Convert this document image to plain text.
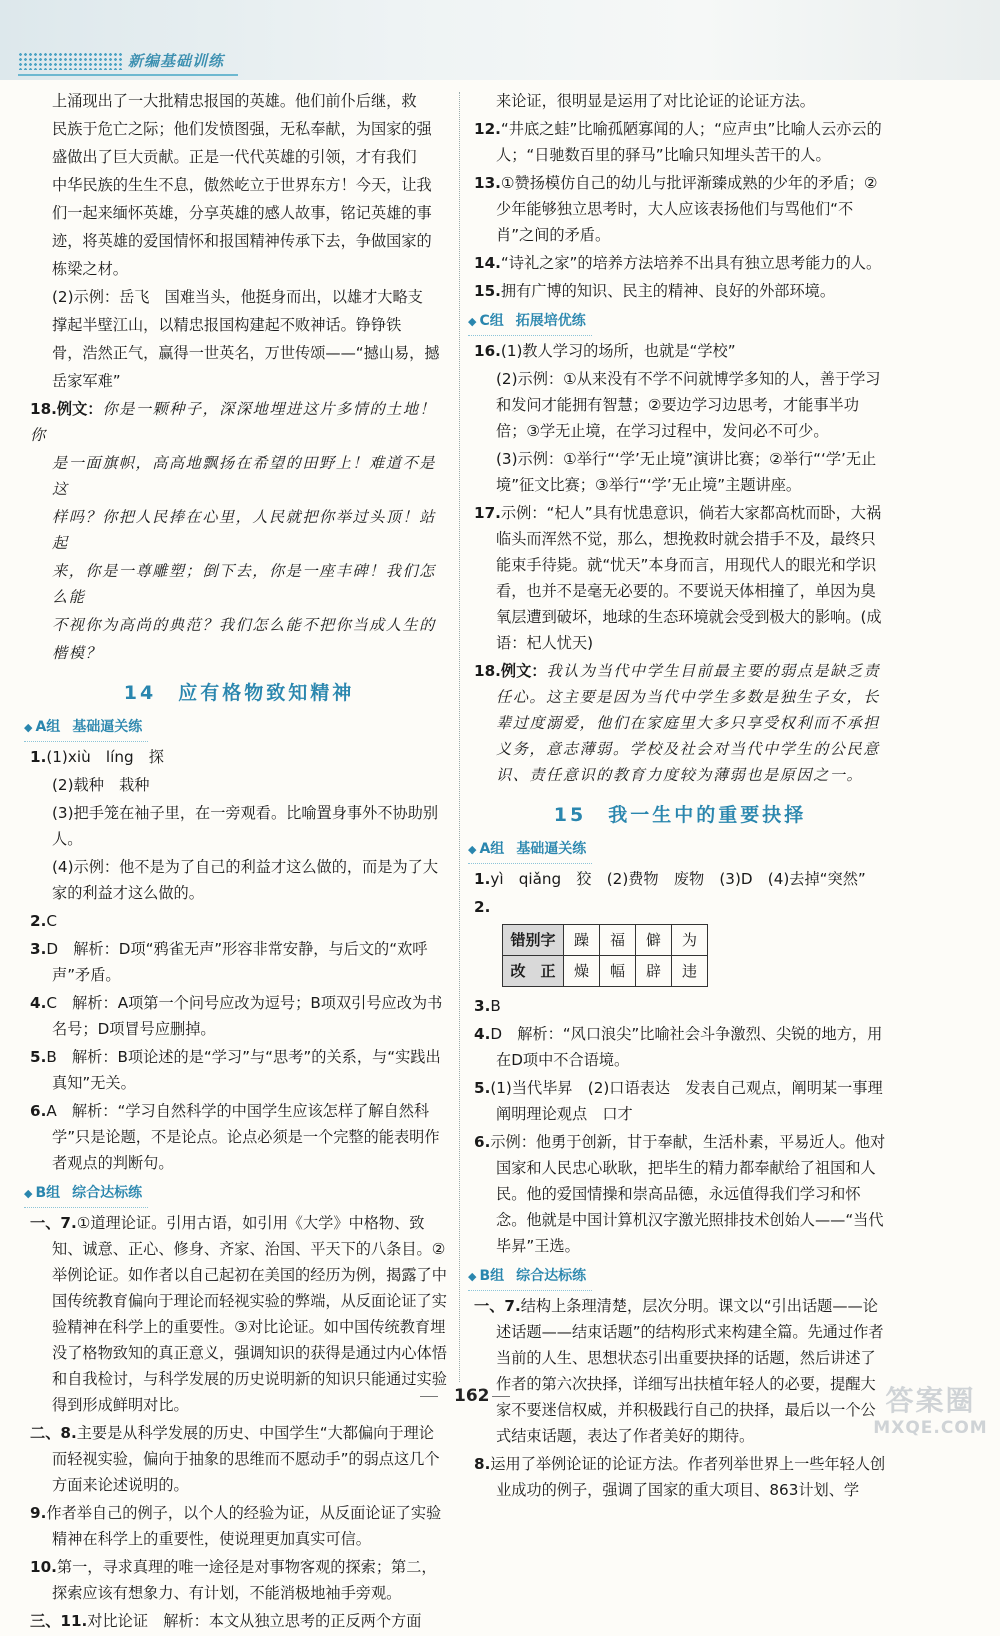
新编基础训练

上涌现出了一大批精忠报国的英雄。他们前仆后继，救

民族于危亡之际；他们发愤图强，无私奉献，为国家的强

盛做出了巨大贡献。正是一代代英雄的引领，才有我们

中华民族的生生不息，傲然屹立于世界东方！今天，让我

们一起来缅怀英雄，分享英雄的感人故事，铭记英雄的事

迹，将英雄的爱国情怀和报国精神传承下去，争做国家的

栋梁之材。

(2)示例：岳飞　国难当头，他挺身而出，以雄才大略支

撑起半壁江山，以精忠报国构建起不败神话。铮铮铁

骨，浩然正气，赢得一世英名，万世传颂——“撼山易，撼

岳家军难”

18.例文：你是一颗种子，深深地埋进这片多情的土地！你

是一面旗帜，高高地飘扬在希望的田野上！难道不是这

样吗？你把人民捧在心里，人民就把你举过头顶！站起

来，你是一尊雕塑；倒下去，你是一座丰碑！我们怎么能

不视你为高尚的典范？我们怎么能不把你当成人生的

楷模？

14　应有格物致知精神
◆ A组 基础逼关练

1.(1)xiù　líng　探

(2)载种　栽种

(3)把手笼在袖子里，在一旁观看。比喻置身事外不协助别人。

(4)示例：他不是为了自己的利益才这么做的，而是为了大家的利益才这么做的。

2.C

3.D　解析：D项“鸦雀无声”形容非常安静，与后文的“欢呼声”矛盾。

4.C　解析：A项第一个问号应改为逗号；B项双引号应改为书名号；D项冒号应删掉。

5.B　解析：B项论述的是“学习”与“思考”的关系，与“实践出真知”无关。

6.A　解析：“学习自然科学的中国学生应该怎样了解自然科学”只是论题，不是论点。论点必须是一个完整的能表明作者观点的判断句。

◆ B组 综合达标练

一、7.①道理论证。引用古语，如引用《大学》中格物、致知、诚意、正心、修身、齐家、治国、平天下的八条目。②举例论证。如作者以自己起初在美国的经历为例，揭露了中国传统教育偏向于理论而轻视实验的弊端，从反面论证了实验精神在科学上的重要性。③对比论证。如中国传统教育埋没了格物致知的真正意义，强调知识的获得是通过内心体悟和自我检讨，与科学发展的历史说明新的知识只能通过实验得到形成鲜明对比。

二、8.主要是从科学发展的历史、中国学生“大都偏向于理论而轻视实验，偏向于抽象的思维而不愿动手”的弱点这几个方面来论述说明的。

9.作者举自己的例子，以个人的经验为证，从反面论证了实验精神在科学上的重要性，使说理更加真实可信。

10.第一，寻求真理的唯一途径是对事物客观的探索；第二，探索应该有想象力、有计划，不能消极地袖手旁观。

三、11.对比论证　解析：本文从独立思考的正反两个方面

来论证，很明显是运用了对比论证的论证方法。

12.“井底之蛙”比喻孤陋寡闻的人；“应声虫”比喻人云亦云的人；“日驰数百里的驿马”比喻只知埋头苦干的人。

13.①赞扬模仿自己的幼儿与批评渐臻成熟的少年的矛盾；②少年能够独立思考时，大人应该表扬他们与骂他们“不肖”之间的矛盾。

14.“诗礼之家”的培养方法培养不出具有独立思考能力的人。

15.拥有广博的知识、民主的精神、良好的外部环境。

◆ C组 拓展培优练

16.(1)教人学习的场所，也就是“学校”

(2)示例：①从来没有不学不问就博学多知的人，善于学习和发问才能拥有智慧；②要边学习边思考，才能事半功倍；③学无止境，在学习过程中，发问必不可少。

(3)示例：①举行“‘学’无止境”演讲比赛；②举行“‘学’无止境”征文比赛；③举行“‘学’无止境”主题讲座。

17.示例：“杞人”具有忧患意识，倘若大家都高枕而卧，大祸临头而浑然不觉，那么，想挽救时就会措手不及，最终只能束手待毙。就“忧天”本身而言，用现代人的眼光和学识看，也并不是毫无必要的。不要说天体相撞了，单因为臭氧层遭到破坏，地球的生态环境就会受到极大的影响。(成语：杞人忧天)

18.例文：我认为当代中学生目前最主要的弱点是缺乏责任心。这主要是因为当代中学生多数是独生子女，长辈过度溺爱，他们在家庭里大多只享受权利而不承担义务，意志薄弱。学校及社会对当代中学生的公民意识、责任意识的教育力度较为薄弱也是原因之一。

15　我一生中的重要抉择
◆ A组 基础逼关练

1.yì　qiǎng　狡　(2)费物　废物　(3)D　(4)去掉“突然”

2.
错别字	躁	福	僻	为
改　正	燥	幅	辟	违

3.B

4.D　解析：“风口浪尖”比喻社会斗争激烈、尖锐的地方，用在D项中不合语境。

5.(1)当代毕昇　(2)口语表达　发表自己观点，阐明某一事理　阐明理论观点　口才

6.示例：他勇于创新，甘于奉献，生活朴素，平易近人。他对国家和人民忠心耿耿，把毕生的精力都奉献给了祖国和人民。他的爱国情操和崇高品德，永远值得我们学习和怀念。他就是中国计算机汉字激光照排技术创始人——“当代毕昇”王选。

◆ B组 综合达标练

一、7.结构上条理清楚，层次分明。课文以“引出话题——论述话题——结束话题”的结构形式来构建全篇。先通过作者当前的人生、思想状态引出重要抉择的话题，然后讲述了作者的第六次抉择，详细写出扶植年轻人的必要，提醒大家不要迷信权威，并积极践行自己的抉择，最后以一个公式结束话题，表达了作者美好的期待。

8.运用了举例论证的论证方法。作者列举世界上一些年轻人创业成功的例子，强调了国家的重大项目、863计划、学

162	答案圈
MXQE.COM
